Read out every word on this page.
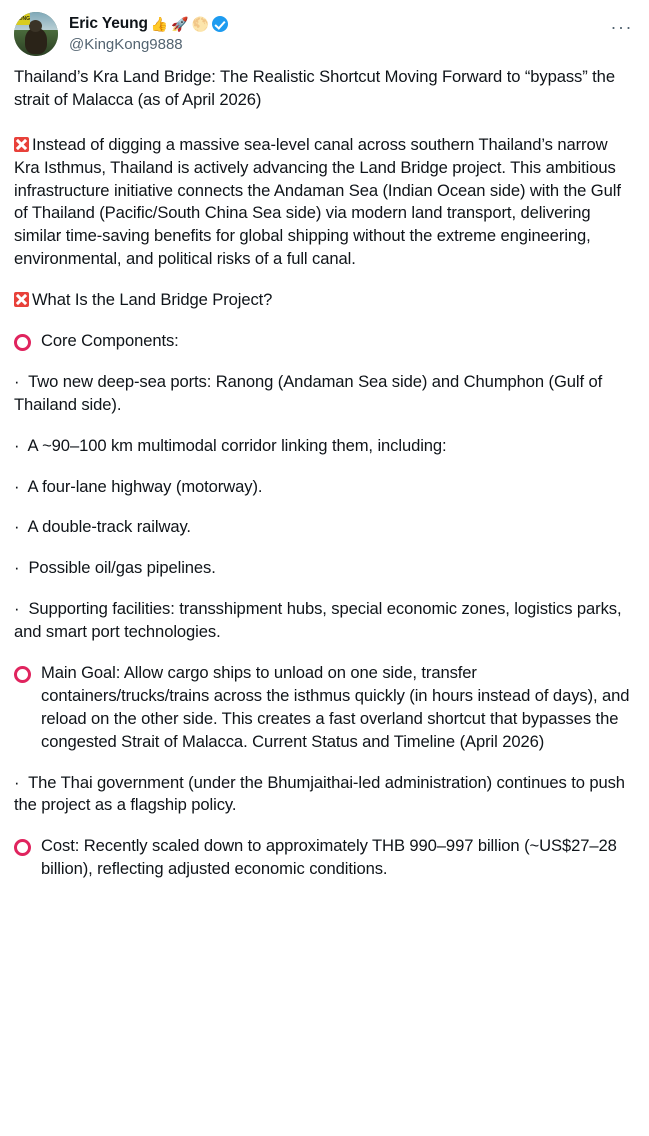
KONG	Eric Yeung 👍 🚀 🌕
@KingKong9888
···

Thailand’s Kra Land Bridge: The Realistic Shortcut Moving Forward to “bypass” the strait of Malacca (as of April 2026)

Instead of digging a massive sea-level canal across southern Thailand’s narrow Kra Isthmus, Thailand is actively advancing the Land Bridge project. This ambitious infrastructure initiative connects the Andaman Sea (Indian Ocean side) with the Gulf of Thailand (Pacific/South China Sea side) via modern land transport, delivering similar time-saving benefits for global shipping without the extreme engineering, environmental, and political risks of a full canal.

What Is the Land Bridge Project?

Core Components:

·  Two new deep-sea ports: Ranong (Andaman Sea side) and Chumphon (Gulf of Thailand side).

·  A ~90–100 km multimodal corridor linking them, including:

·  A four-lane highway (motorway).

·  A double-track railway.

·  Possible oil/gas pipelines.

·  Supporting facilities: transshipment hubs, special economic zones, logistics parks, and smart port technologies.

Main Goal: Allow cargo ships to unload on one side, transfer containers/trucks/trains across the isthmus quickly (in hours instead of days), and reload on the other side. This creates a fast overland shortcut that bypasses the congested Strait of Malacca. Current Status and Timeline (April 2026)

·  The Thai government (under the Bhumjaithai-led administration) continues to push the project as a flagship policy.

Cost: Recently scaled down to approximately THB 990–997 billion (~US$27–28 billion), reflecting adjusted economic conditions.
